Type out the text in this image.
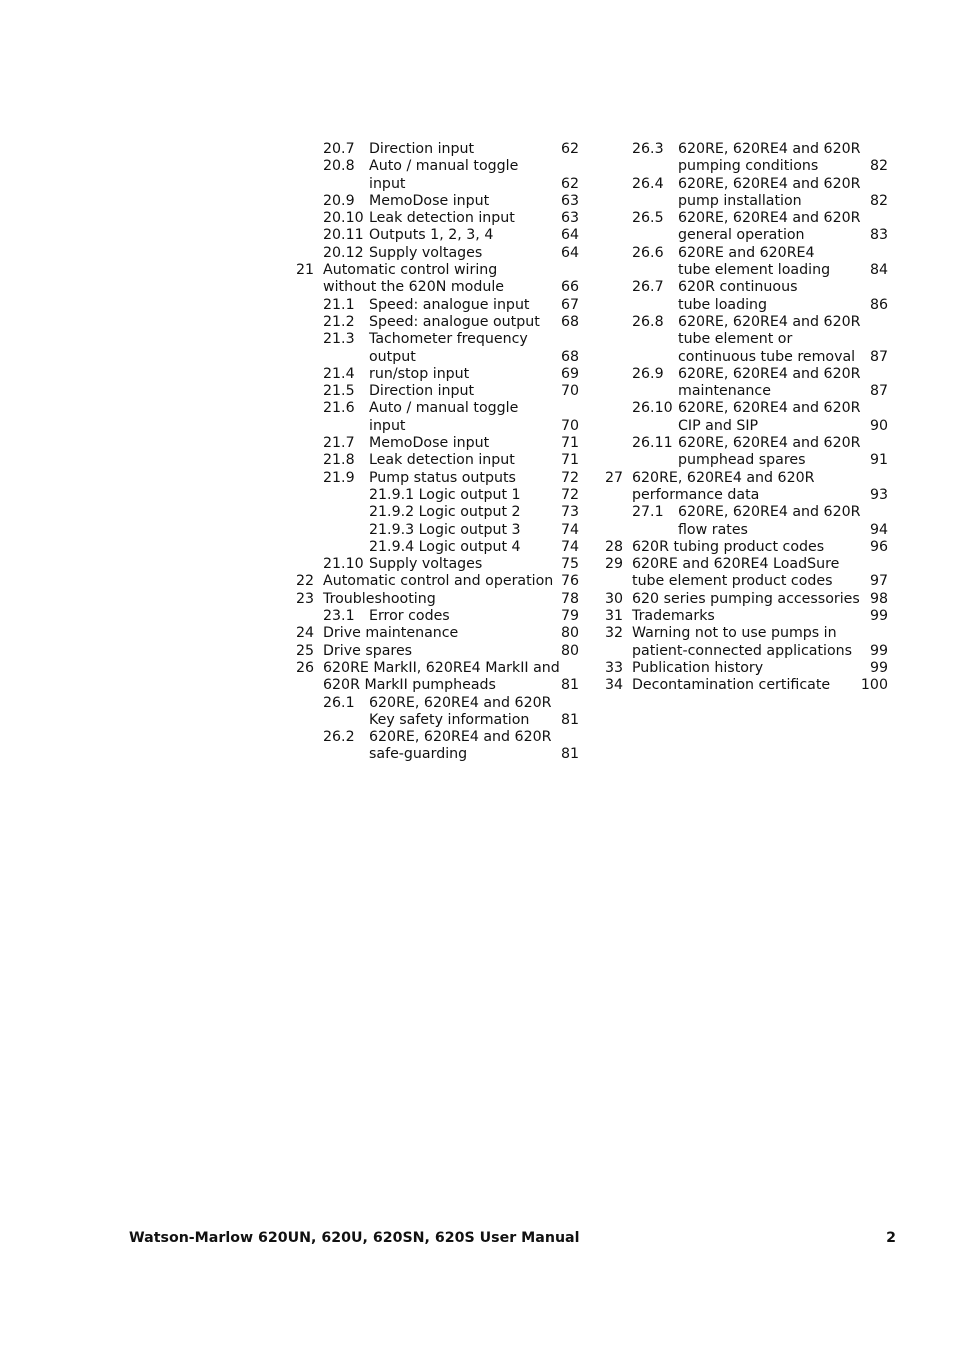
20.7 Direction input	62
20.8 Auto / manual toggle
input	62
20.9 MemoDose input	63
20.10 Leak detection input	63
20.11 Outputs 1, 2, 3, 4	64
20.12 Supply voltages	64
21 Automatic control wiring
without the 620N module	66
21.1 Speed: analogue input 67
21.2 Speed: analogue output 68
21.3 Tachometer frequency
output	68
21.4 run/stop input	69
21.5 Direction input	70
21.6 Auto / manual toggle
input	70
21.7 MemoDose input	71
21.8 Leak detection input	71
21.9 Pump status outputs	72
21.9.1 Logic output 1	72
21.9.2 Logic output 2	73
21.9.3 Logic output 3	74
21.9.4 Logic output 4	74
21.10 Supply voltages	75
22 Automatic control and operation 76
23 Troubleshooting	78
23.1 Error codes	79
24 Drive maintenance	80
25 Drive spares	80
26 620RE MarkII, 620RE4 MarkII and
620R MarkII pumpheads	81
26.1 620RE, 620RE4 and 620R
Key safety information 81
26.2 620RE, 620RE4 and 620R
safe-guarding	81
26.3 620RE, 620RE4 and 620R
pumping conditions	82
26.4 620RE, 620RE4 and 620R
pump installation	82
26.5 620RE, 620RE4 and 620R
general operation	83
26.6 620RE and 620RE4
tube element loading	84
26.7 620R continuous
tube loading	86
26.8 620RE, 620RE4 and 620R
tube element or
continuous tube removal 87
26.9 620RE, 620RE4 and 620R
maintenance	87
26.10 620RE, 620RE4 and 620R
CIP and SIP	90
26.11 620RE, 620RE4 and 620R
pumphead spares	91
27 620RE, 620RE4 and 620R
performance data	93
27.1 620RE, 620RE4 and 620R
flow rates	94
28 620R tubing product codes	96
29 620RE and 620RE4 LoadSure
tube element product codes	97
30 620 series pumping accessories 98
31 Trademarks	99
32 Warning not to use pumps in
patient-connected applications 99
33 Publication history	99
34 Decontamination certificate 100
Watson-Marlow 620UN, 620U, 620SN, 620S User Manual	2
